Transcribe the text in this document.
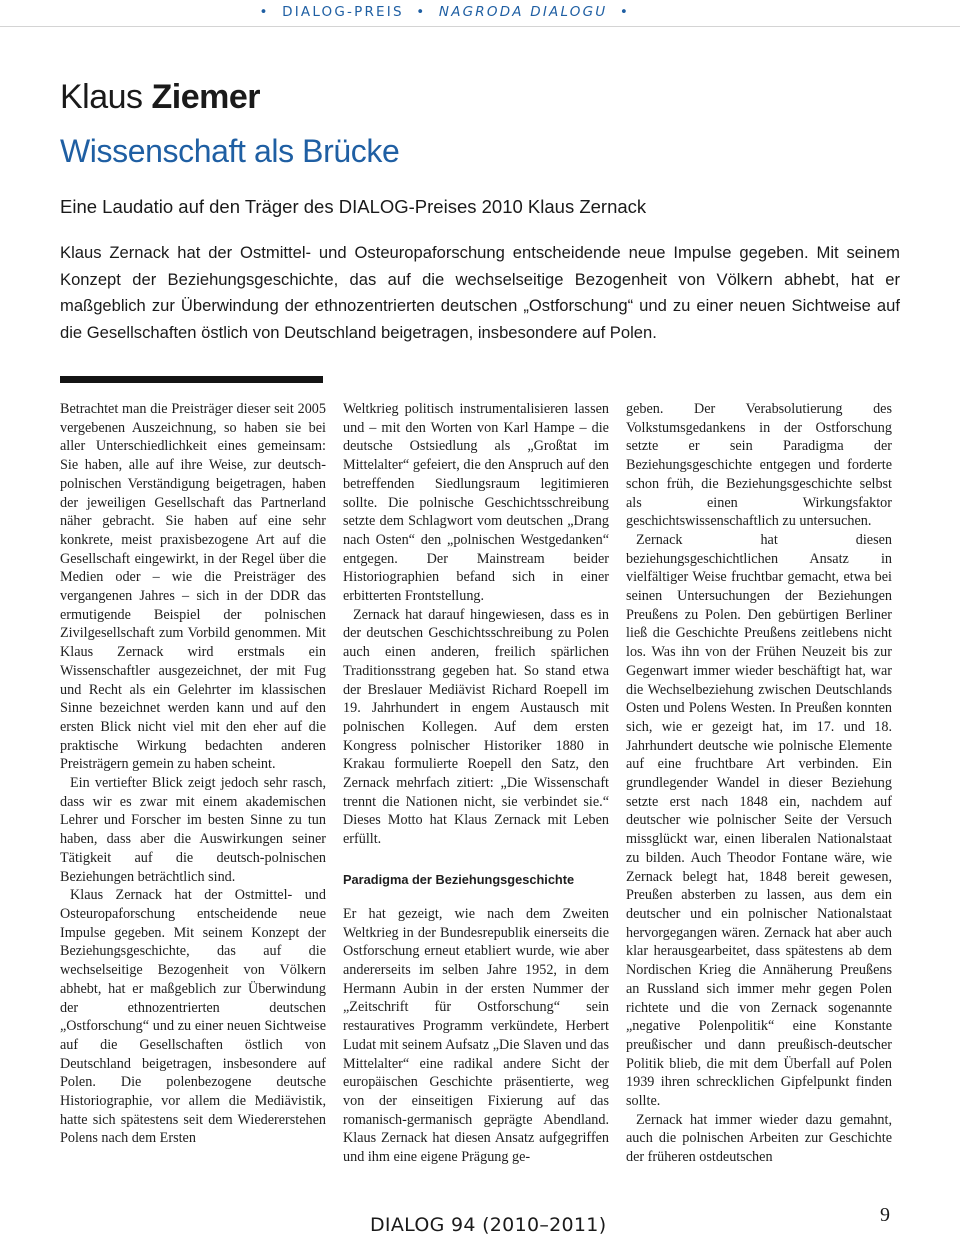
• DIALOG-PREIS • NAGRODA DIALOGU •
Klaus Ziemer
Wissenschaft als Brücke
Eine Laudatio auf den Träger des DIALOG-Preises 2010 Klaus Zernack

Klaus Zernack hat der Ostmittel- und Osteuropaforschung entscheidende neue Impulse gegeben. Mit seinem Konzept der Beziehungsgeschichte, das auf die wechselseitige Bezogenheit von Völkern abhebt, hat er maßgeblich zur Überwindung der ethnozentrierten deutschen „Ostforschung“ und zu einer neuen Sichtweise auf die Gesellschaften östlich von Deutschland beigetragen, insbesondere auf Polen.

Betrachtet man die Preisträger dieser seit 2005 vergebenen Auszeichnung, so haben sie bei aller Unterschiedlichkeit eines gemeinsam: Sie haben, alle auf ihre Weise, zur deutsch-polnischen Verständigung beigetragen, haben der jeweiligen Gesellschaft das Partnerland näher gebracht. Sie haben auf eine sehr konkrete, meist praxisbezogene Art auf die Gesellschaft eingewirkt, in der Regel über die Medien oder – wie die Preisträger des vergangenen Jahres – sich in der DDR das ermutigende Beispiel der polnischen Zivilgesellschaft zum Vorbild genommen. Mit Klaus Zernack wird erstmals ein Wissenschaftler ausgezeichnet, der mit Fug und Recht als ein Gelehrter im klassischen Sinne bezeichnet werden kann und auf den ersten Blick nicht viel mit den eher auf die praktische Wirkung bedachten anderen Preisträgern gemein zu haben scheint.

Ein vertiefter Blick zeigt jedoch sehr rasch, dass wir es zwar mit einem akademischen Lehrer und Forscher im besten Sinne zu tun haben, dass aber die Auswirkungen seiner Tätigkeit auf die deutsch-polnischen Beziehungen beträchtlich sind.

Klaus Zernack hat der Ostmittel- und Osteuropaforschung entscheidende neue Impulse gegeben. Mit seinem Konzept der Beziehungsgeschichte, das auf die wechselseitige Bezogenheit von Völkern abhebt, hat er maßgeblich zur Überwindung der ethnozentrierten deutschen „Ostforschung“ und zu einer neuen Sichtweise auf die Gesellschaften östlich von Deutschland beigetragen, insbesondere auf Polen. Die polenbezogene deutsche Historiographie, vor allem die Mediävistik, hatte sich spätestens seit dem Wiedererstehen Polens nach dem Ersten

Weltkrieg politisch instrumentalisieren lassen und – mit den Worten von Karl Hampe – die deutsche Ostsiedlung als „Großtat im Mittelalter“ gefeiert, die den Anspruch auf den betreffenden Siedlungsraum legitimieren sollte. Die polnische Geschichtsschreibung setzte dem Schlagwort vom deutschen „Drang nach Osten“ den „polnischen Westgedanken“ entgegen. Der Mainstream beider Historiographien befand sich in einer erbitterten Frontstellung.

Zernack hat darauf hingewiesen, dass es in der deutschen Geschichtsschreibung zu Polen auch einen anderen, freilich spärlichen Traditionsstrang gegeben hat. So stand etwa der Breslauer Mediävist Richard Roepell im 19. Jahrhundert in engem Austausch mit polnischen Kollegen. Auf dem ersten Kongress polnischer Historiker 1880 in Krakau formulierte Roepell den Satz, den Zernack mehrfach zitiert: „Die Wissenschaft trennt die Nationen nicht, sie verbindet sie.“ Dieses Motto hat Klaus Zernack mit Leben erfüllt.

Paradigma der Beziehungsgeschichte

Er hat gezeigt, wie nach dem Zweiten Weltkrieg in der Bundesrepublik einerseits die Ostforschung erneut etabliert wurde, wie aber andererseits im selben Jahre 1952, in dem Hermann Aubin in der ersten Nummer der „Zeitschrift für Ostforschung“ sein restauratives Programm verkündete, Herbert Ludat mit seinem Aufsatz „Die Slaven und das Mittelalter“ eine radikal andere Sicht der europäischen Geschichte präsentierte, weg von der einseitigen Fixierung auf das romanisch-germanisch geprägte Abendland. Klaus Zernack hat diesen Ansatz aufgegriffen und ihm eine eigene Prägung ge-

geben. Der Verabsolutierung des Volkstumsgedankens in der Ostforschung setzte er sein Paradigma der Beziehungsgeschichte entgegen und forderte schon früh, die Beziehungsgeschichte selbst als einen Wirkungsfaktor geschichtswissenschaftlich zu untersuchen.

Zernack hat diesen beziehungsgeschichtlichen Ansatz in vielfältiger Weise fruchtbar gemacht, etwa bei seinen Untersuchungen der Beziehungen Preußens zu Polen. Den gebürtigen Berliner ließ die Geschichte Preußens zeitlebens nicht los. Was ihn von der Frühen Neuzeit bis zur Gegenwart immer wieder beschäftigt hat, war die Wechselbeziehung zwischen Deutschlands Osten und Polens Westen. In Preußen konnten sich, wie er gezeigt hat, im 17. und 18. Jahrhundert deutsche wie polnische Elemente auf eine fruchtbare Art verbinden. Ein grundlegender Wandel in dieser Beziehung setzte erst nach 1848 ein, nachdem auf deutscher wie polnischer Seite der Versuch missglückt war, einen liberalen Nationalstaat zu bilden. Auch Theodor Fontane wäre, wie Zernack belegt hat, 1848 bereit gewesen, Preußen absterben zu lassen, aus dem ein deutscher und ein polnischer Nationalstaat hervorgegangen wären. Zernack hat aber auch klar herausgearbeitet, dass spätestens ab dem Nordischen Krieg die Annäherung Preußens an Russland sich immer mehr gegen Polen richtete und die von Zernack sogenannte „negative Polenpolitik“ eine Konstante preußischer und dann preußisch-deutscher Politik blieb, die mit dem Überfall auf Polen 1939 ihren schrecklichen Gipfelpunkt finden sollte.

Zernack hat immer wieder dazu gemahnt, auch die polnischen Arbeiten zur Geschichte der früheren ostdeutschen

DIALOG 94 (2010–2011)	9
